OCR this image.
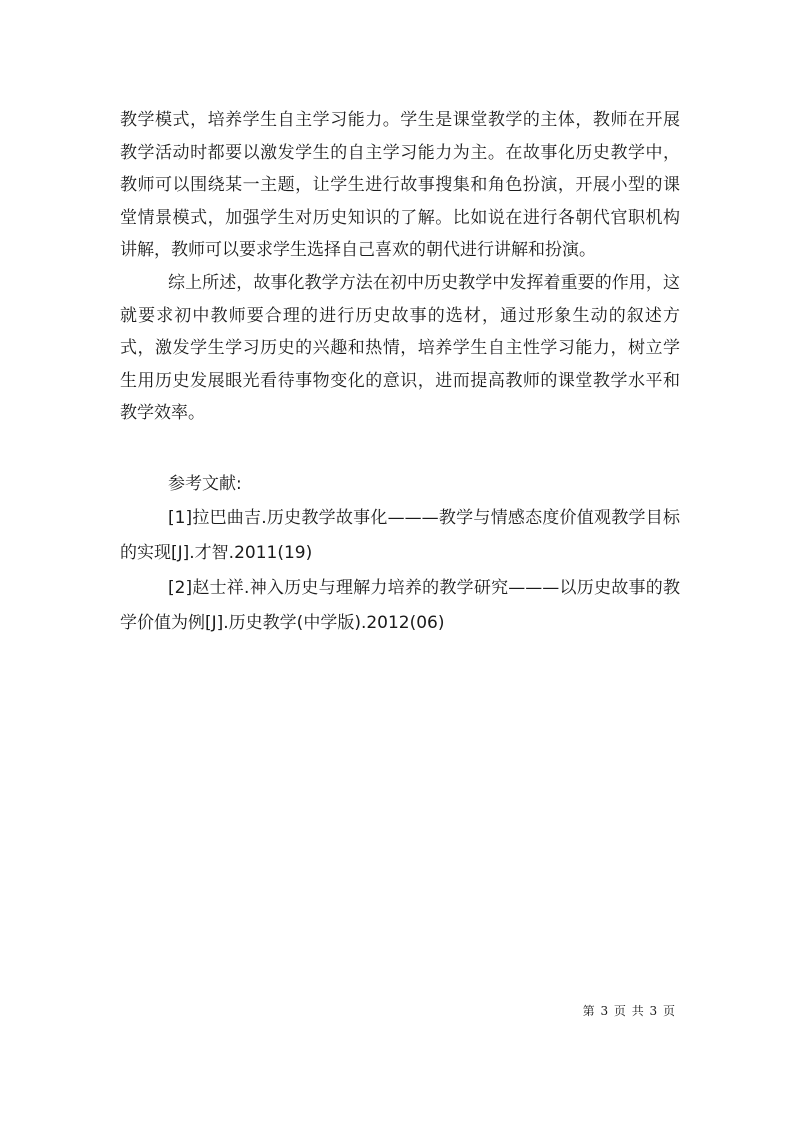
教学模式，培养学生自主学习能力。学生是课堂教学的主体，教师在开展教学活动时都要以激发学生的自主学习能力为主。在故事化历史教学中，教师可以围绕某一主题，让学生进行故事搜集和角色扮演，开展小型的课堂情景模式，加强学生对历史知识的了解。比如说在进行各朝代官职机构讲解，教师可以要求学生选择自己喜欢的朝代进行讲解和扮演。

综上所述，故事化教学方法在初中历史教学中发挥着重要的作用，这就要求初中教师要合理的进行历史故事的选材，通过形象生动的叙述方式，激发学生学习历史的兴趣和热情，培养学生自主性学习能力，树立学生用历史发展眼光看待事物变化的意识，进而提高教师的课堂教学水平和教学效率。

参考文献:

[1]拉巴曲吉.历史教学故事化———教学与情感态度价值观教学目标的实现[J].才智.2011(19)

[2]赵士祥.神入历史与理解力培养的教学研究———以历史故事的教学价值为例[J].历史教学(中学版).2012(06)

第 3 页 共 3 页
